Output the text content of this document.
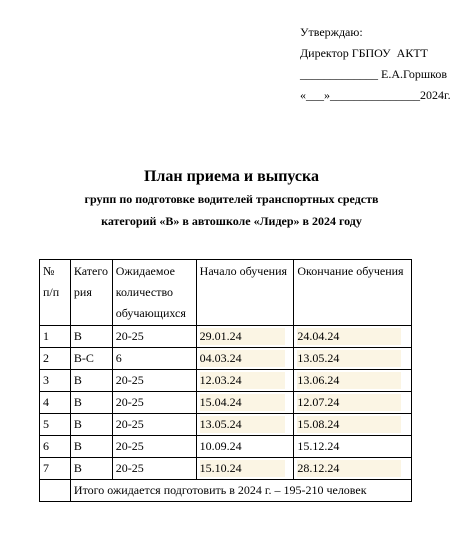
Утверждаю:
Директор ГБПОУ  АКТТ
_____________ Е.А.Горшков
«___»_______________2024г.
План приема и выпуска
групп по подготовке водителей транспортных средств
категорий «В» в автошколе «Лидер» в 2024 году
№ п/п	Категория	Ожидаемое количество обучающихся	Начало обучения	Окончание обучения
1	В	20-25	29.01.24	24.04.24
2	В-С	6	04.03.24	13.05.24
3	В	20-25	12.03.24	13.06.24
4	В	20-25	15.04.24	12.07.24
5	В	20-25	13.05.24	15.08.24
6	В	20-25	10.09.24	15.12.24
7	В	20-25	15.10.24	28.12.24
	Итого ожидается подготовить в 2024 г. – 195-210 человек			
